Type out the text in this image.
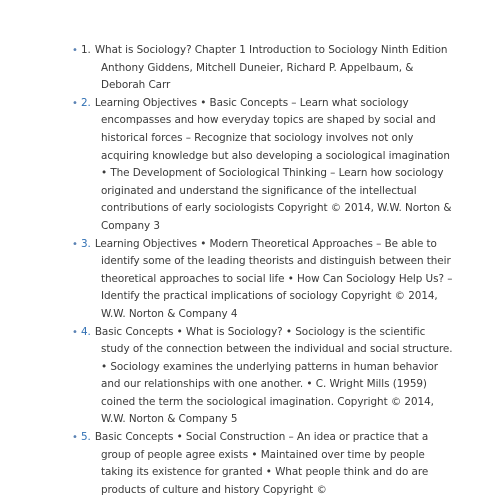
• 1. What is Sociology? Chapter 1 Introduction to Sociology Ninth Edition Anthony Giddens, Mitchell Duneier, Richard P. Appelbaum, & Deborah Carr
• 2. Learning Objectives • Basic Concepts – Learn what sociology encompasses and how everyday topics are shaped by social and historical forces – Recognize that sociology involves not only acquiring knowledge but also developing a sociological imagination • The Development of Sociological Thinking – Learn how sociology originated and understand the significance of the intellectual contributions of early sociologists Copyright © 2014, W.W. Norton & Company 3
• 3. Learning Objectives • Modern Theoretical Approaches – Be able to identify some of the leading theorists and distinguish between their theoretical approaches to social life • How Can Sociology Help Us? – Identify the practical implications of sociology Copyright © 2014, W.W. Norton & Company 4
• 4. Basic Concepts • What is Sociology? • Sociology is the scientific study of the connection between the individual and social structure. • Sociology examines the underlying patterns in human behavior and our relationships with one another. • C. Wright Mills (1959) coined the term the sociological imagination. Copyright © 2014, W.W. Norton & Company 5
• 5. Basic Concepts • Social Construction – An idea or practice that a group of people agree exists • Maintained over time by people taking its existence for granted • What people think and do are products of culture and history Copyright ©
